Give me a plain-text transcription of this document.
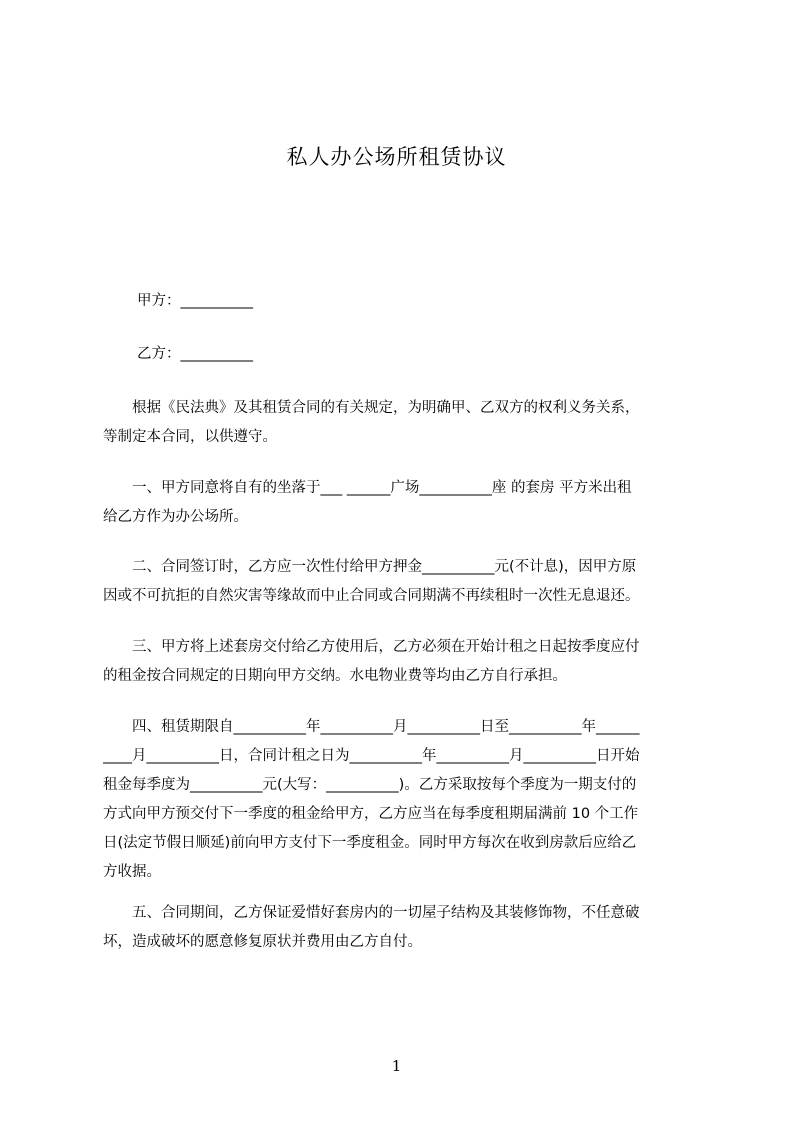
私人办公场所租赁协议
甲方：__________
乙方：__________
　　根据《民法典》及其租赁合同的有关规定，为明确甲、乙双方的权利义务关系，
等制定本合同，以供遵守。
　　一、甲方同意将自有的坐落于___ ______广场__________座 的套房 平方米出租
给乙方作为办公场所。
　　二、合同签订时，乙方应一次性付给甲方押金__________元(不计息)，因甲方原
因或不可抗拒的自然灾害等缘故而中止合同或合同期满不再续租时一次性无息退还。
　　三、甲方将上述套房交付给乙方使用后，乙方必须在开始计租之日起按季度应付
的租金按合同规定的日期向甲方交纳。水电物业费等均由乙方自行承担。
　　四、租赁期限自__________年__________月__________日至__________年______
____月__________日，合同计租之日为__________年__________月__________日开始
租金每季度为__________元(大写：__________)。乙方采取按每个季度为一期支付的
方式向甲方预交付下一季度的租金给甲方，乙方应当在每季度租期届满前 10 个工作
日(法定节假日顺延)前向甲方支付下一季度租金。同时甲方每次在收到房款后应给乙
方收据。
　　五、合同期间，乙方保证爱惜好套房内的一切屋子结构及其装修饰物，不任意破
坏，造成破坏的愿意修复原状并费用由乙方自付。
1
